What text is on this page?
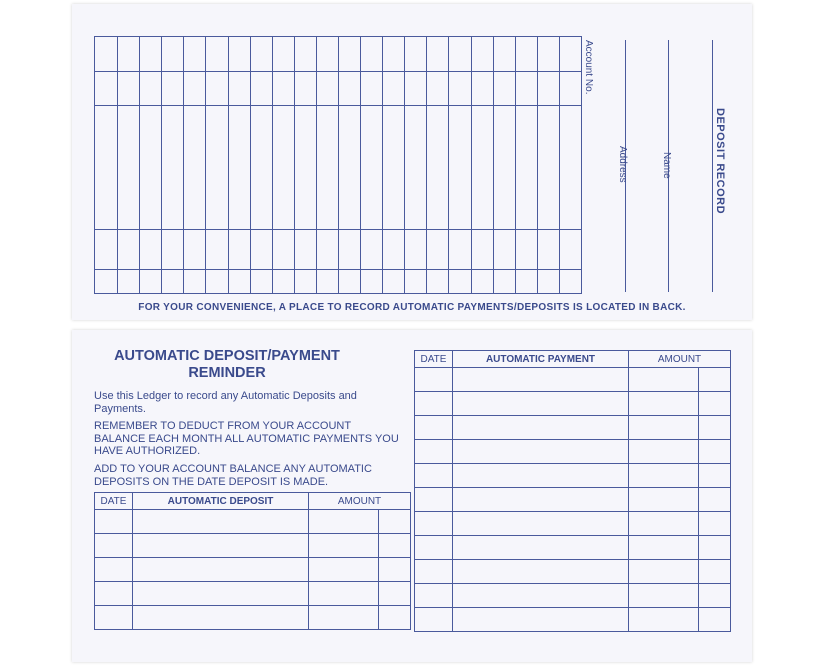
Account No.
Address	Name	DEPOSIT RECORD
FOR YOUR CONVENIENCE, A PLACE TO RECORD AUTOMATIC PAYMENTS/DEPOSITS IS LOCATED IN BACK.
AUTOMATIC DEPOSIT/PAYMENT
REMINDER
Use this Ledger to record any Automatic Deposits and Payments.
REMEMBER TO DEDUCT FROM YOUR ACCOUNT BALANCE EACH MONTH ALL AUTOMATIC PAYMENTS YOU HAVE AUTHORIZED.
ADD TO YOUR ACCOUNT BALANCE ANY AUTOMATIC DEPOSITS ON THE DATE DEPOSIT IS MADE.
DATE	AUTOMATIC DEPOSIT	AMOUNT	

DATE	AUTOMATIC PAYMENT	AMOUNT	
